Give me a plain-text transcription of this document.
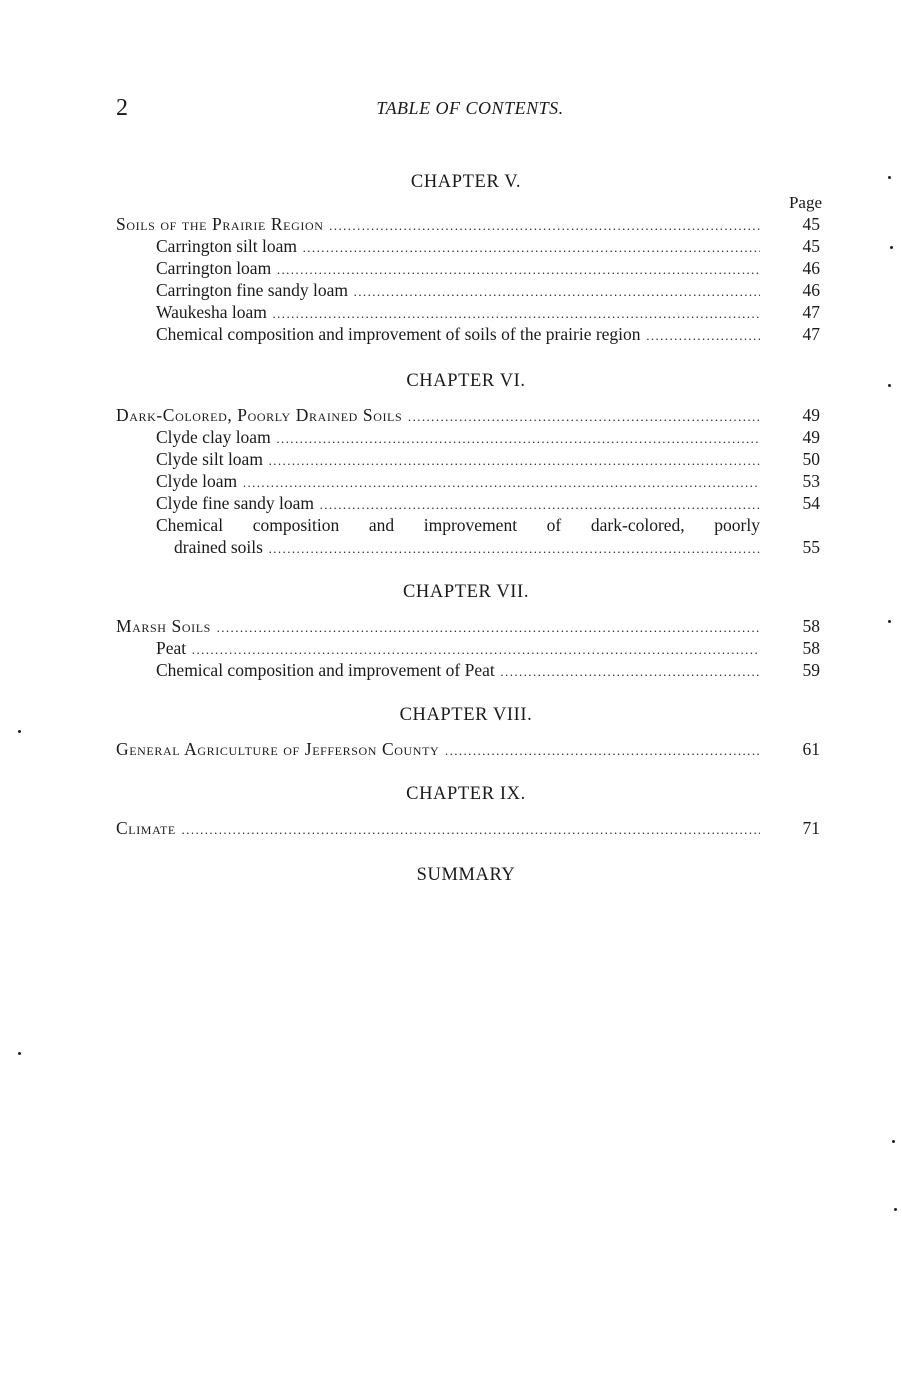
2	TABLE OF CONTENTS.
CHAPTER V.
Page
Soils of the Prairie Region .....	45
Carrington silt loam .....	45
Carrington loam .....	46
Carrington fine sandy loam .....	46
Waukesha loam .....	47
Chemical composition and improvement of soils of the prairie region .....	47
CHAPTER VI.
Dark-Colored, Poorly Drained Soils .....	49
Clyde clay loam .....	49
Clyde silt loam .....	50
Clyde loam .....	53
Clyde fine sandy loam .....	54
Chemical composition and improvement of dark-colored, poorly
drained soils .....	55
CHAPTER VII.
Marsh Soils .....	58
Peat .....	58
Chemical composition and improvement of Peat .....	59
CHAPTER VIII.
General Agriculture of Jefferson County .....	61
CHAPTER IX.
Climate .....	71
SUMMARY
